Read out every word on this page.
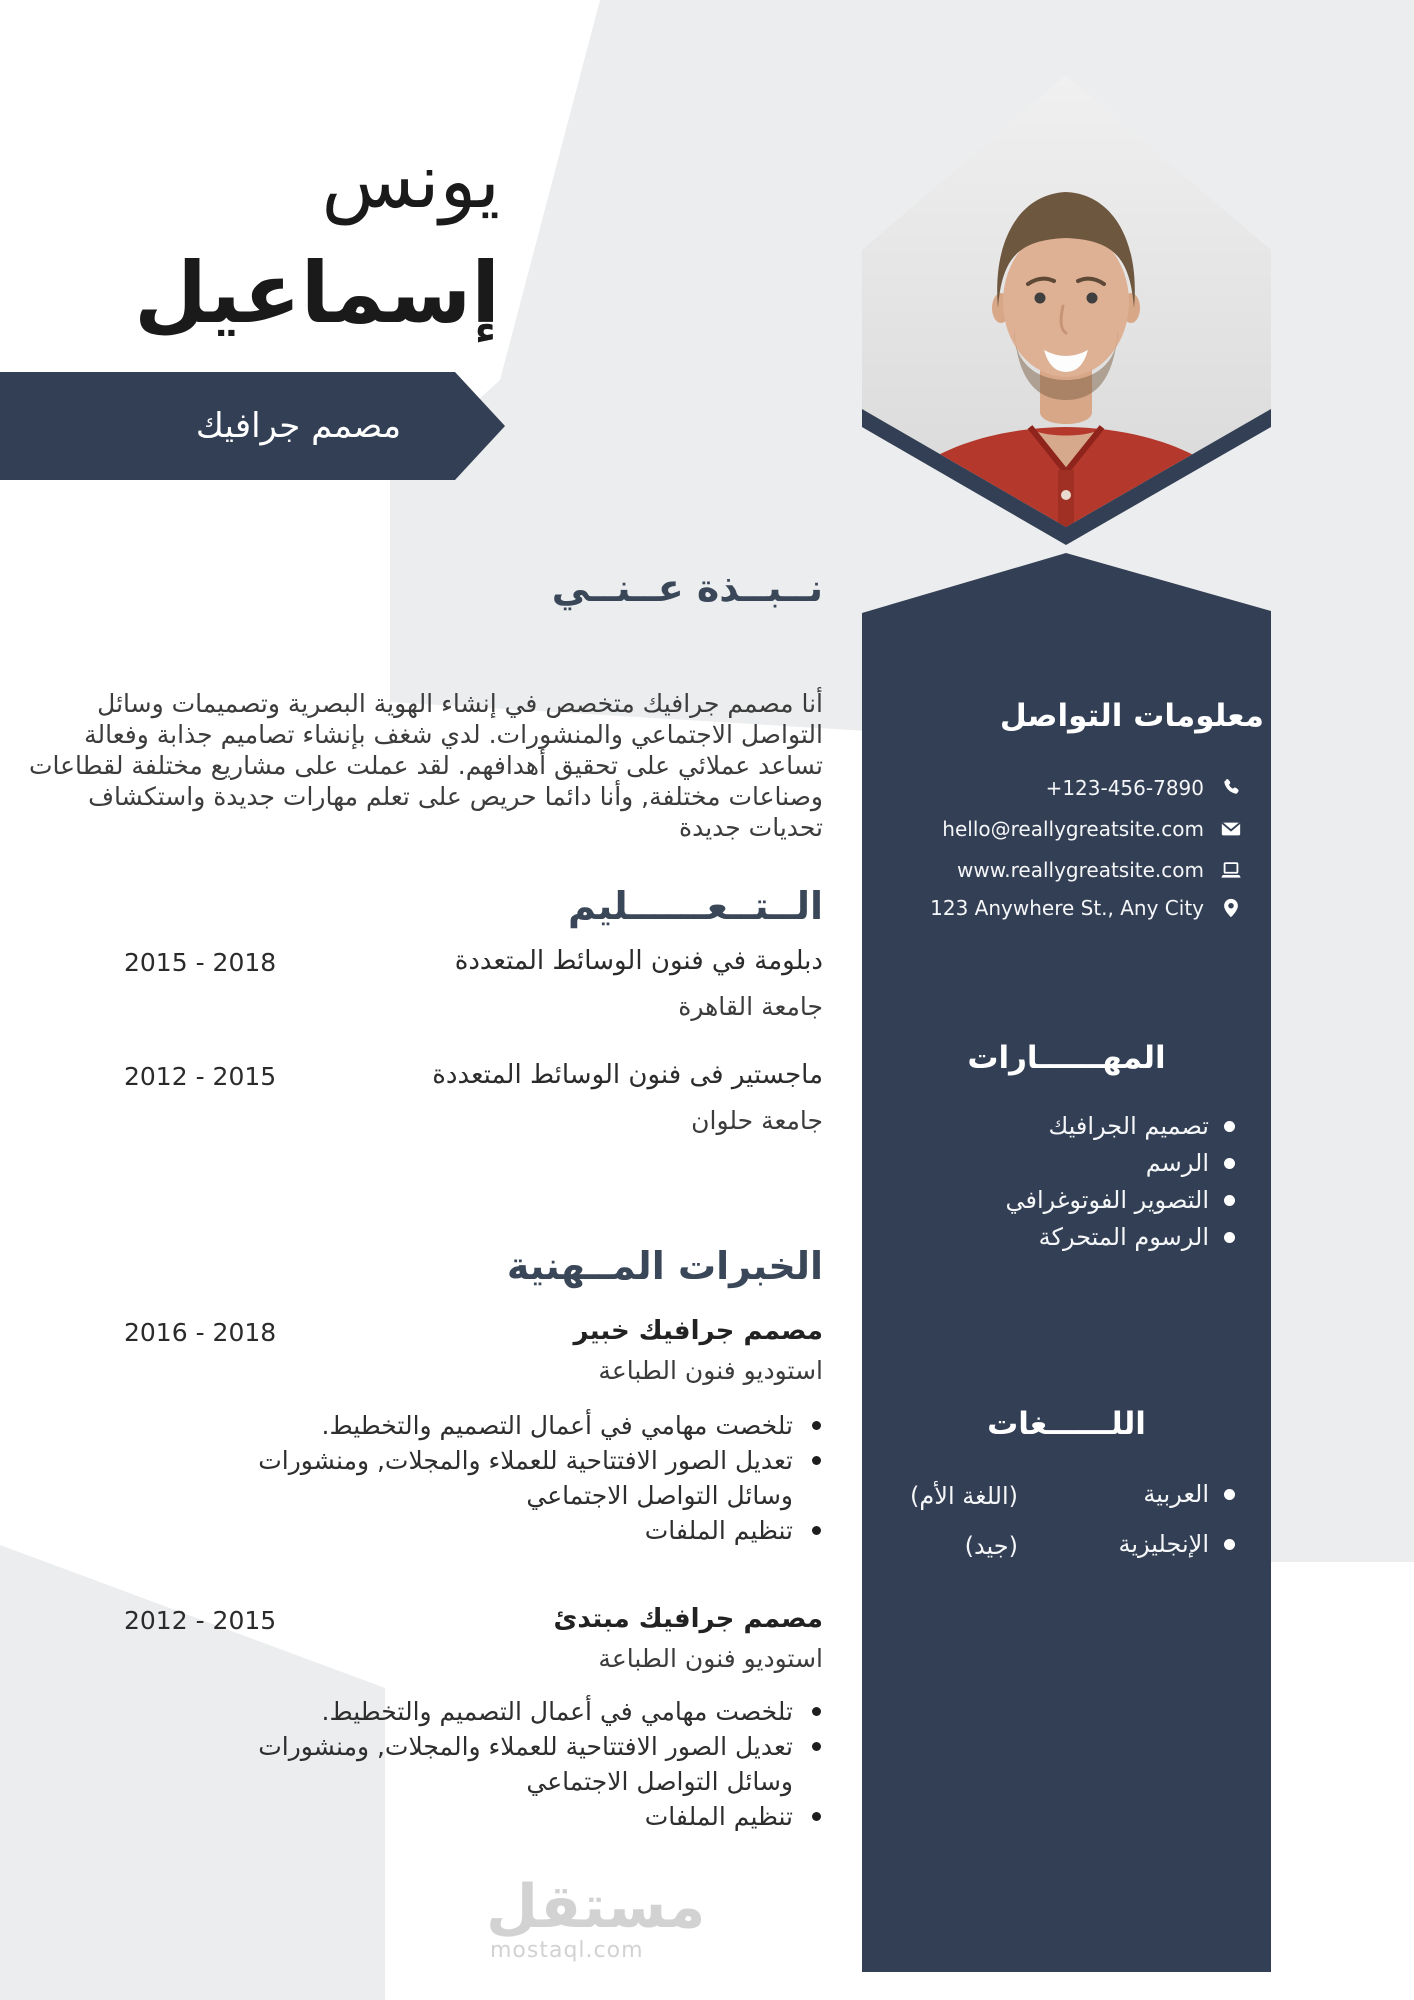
يونس
إسماعيل
مصمم جرافيك
نــبــذة عــنــي
أنا مصمم جرافيك متخصص في إنشاء الهوية البصرية وتصميمات وسائل التواصل الاجتماعي والمنشورات. لدي شغف بإنشاء تصاميم جذابة وفعالة تساعد عملائي على تحقيق أهدافهم. لقد عملت على مشاريع مختلفة لقطاعات وصناعات مختلفة, وأنا دائما حريص على تعلم مهارات جديدة واستكشاف تحديات جديدة
الــتــعــــــليم
دبلومة في فنون الوسائط المتعددة
2015 - 2018
جامعة القاهرة
ماجستير فى فنون الوسائط المتعددة
2012 - 2015
جامعة حلوان
الخبرات المــهنية
مصمم جرافيك خبير
2016 - 2018
استوديو فنون الطباعة
تلخصت مهامي في أعمال التصميم والتخطيط.
تعديل الصور الافتتاحية للعملاء والمجلات, ومنشورات وسائل التواصل الاجتماعي
تنظيم الملفات
مصمم جرافيك مبتدئ
2012 - 2015
استوديو فنون الطباعة
تلخصت مهامي في أعمال التصميم والتخطيط.
تعديل الصور الافتتاحية للعملاء والمجلات, ومنشورات وسائل التواصل الاجتماعي
تنظيم الملفات
معلومات التواصل
+123-456-7890
hello@reallygreatsite.com
www.reallygreatsite.com
123 Anywhere St., Any City
المهــــــارات
تصميم الجرافيك
الرسم
التصوير الفوتوغرافي
الرسوم المتحركة
اللــــــغات
العربية
(اللغة الأم)
الإنجليزية
(جيد)
مستقل
mostaql.com
